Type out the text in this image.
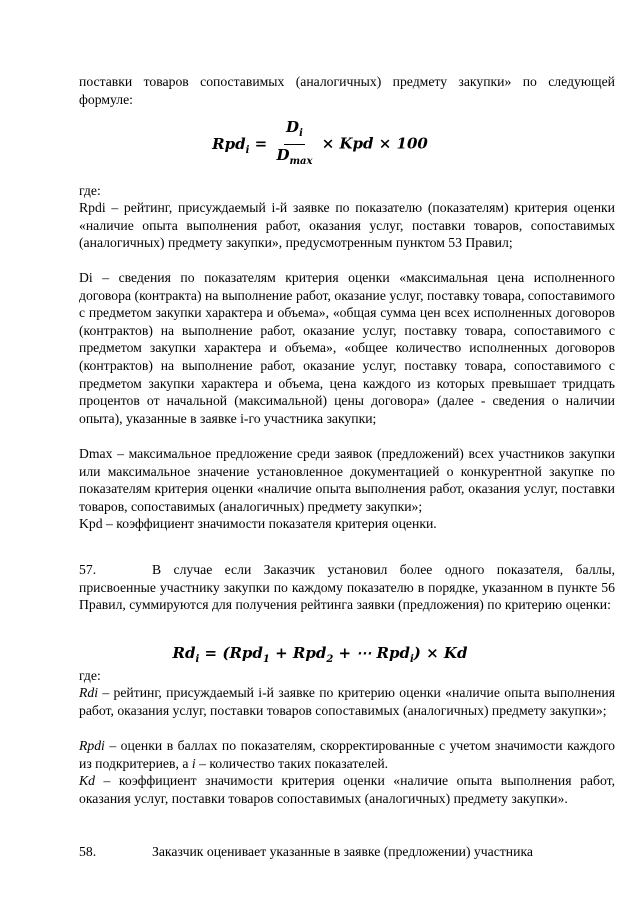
поставки товаров сопоставимых (аналогичных) предмету закупки» по следующей формуле:

$Rpd_i = \frac{D_i}{D_{max}}$ × Kpd × 100

где:

Rpdi – рейтинг, присуждаемый i-й заявке по показателю (показателям) критерия оценки «наличие опыта выполнения работ, оказания услуг, поставки товаров, сопоставимых (аналогичных) предмету закупки», предусмотренным пунктом 53 Правил;

Di – сведения по показателям критерия оценки «максимальная цена исполненного договора (контракта) на выполнение работ, оказание услуг, поставку товара, сопоставимого с предметом закупки характера и объема», «общая сумма цен всех исполненных договоров (контрактов) на выполнение работ, оказание услуг, поставку товара, сопоставимого с предметом закупки характера и объема», «общее количество исполненных договоров (контрактов) на выполнение работ, оказание услуг, поставку товара, сопоставимого с предметом закупки характера и объема, цена каждого из которых превышает тридцать процентов от начальной (максимальной) цены договора» (далее - сведения о наличии опыта), указанные в заявке i-го участника закупки;

Dmax – максимальное предложение среди заявок (предложений) всех участников закупки или максимальное значение установленное документацией о конкурентной закупке по показателям критерия оценки «наличие опыта выполнения работ, оказания услуг, поставки товаров, сопоставимых (аналогичных) предмету закупки»;

Kpd – коэффициент значимости показателя критерия оценки.

57.	В случае если Заказчик установил более одного показателя, баллы, присвоенные участнику закупки по каждому показателю в порядке, указанном в пункте 56 Правил, суммируются для получения рейтинга заявки (предложения) по критерию оценки:

$Rd_i = (Rpd_1 + Rpd_2$ + ⋯ Rpd$_i$) × Kd

где:

Rdi – рейтинг, присуждаемый i-й заявке по критерию оценки «наличие опыта выполнения работ, оказания услуг, поставки товаров сопоставимых (аналогичных) предмету закупки»;

Rpdi – оценки в баллах по показателям, скорректированные с учетом значимости каждого из подкритериев, а i – количество таких показателей.

Kd – коэффициент значимости критерия оценки «наличие опыта выполнения работ, оказания услуг, поставки товаров сопоставимых (аналогичных) предмету закупки».

58.	Заказчик оценивает указанные в заявке (предложении) участника
